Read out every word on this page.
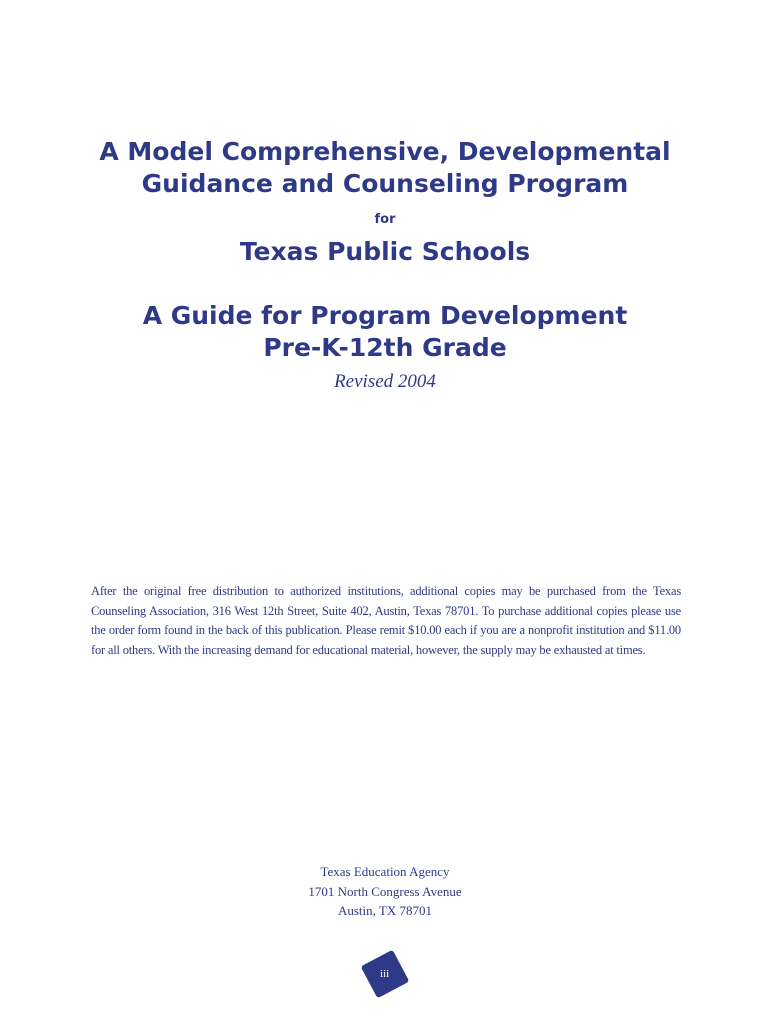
A Model Comprehensive, Developmental
Guidance and Counseling Program
for
Texas Public Schools
A Guide for Program Development
Pre-K-12th Grade
Revised 2004
After the original free distribution to authorized institutions, additional copies may be purchased from the Texas Counseling Association, 316 West 12th Street, Suite 402, Austin, Texas 78701. To purchase additional copies please use the order form found in the back of this publication. Please remit $10.00 each if you are a nonprofit institution and $11.00 for all others. With the increasing demand for educational material, however, the supply may be exhausted at times.
Texas Education Agency
1701 North Congress Avenue
Austin, TX 78701
iii
